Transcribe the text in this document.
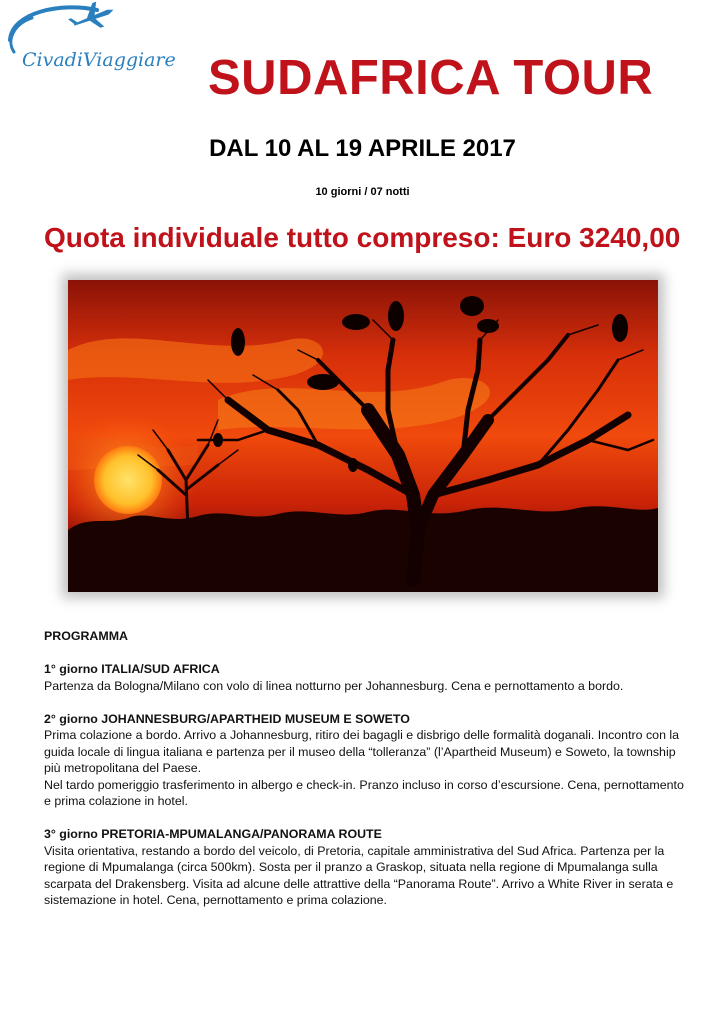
CivadiViaggiare SUDAFRICA TOUR
DAL 10 AL 19 APRILE 2017
10 giorni / 07 notti
Quota individuale tutto compreso: Euro 3240,00
PROGRAMMA
1° giorno ITALIA/SUD AFRICA

Partenza da Bologna/Milano con volo di linea notturno per Johannesburg. Cena e pernottamento a bordo.

2° giorno JOHANNESBURG/APARTHEID MUSEUM E SOWETO

Prima colazione a bordo. Arrivo a Johannesburg, ritiro dei bagagli e disbrigo delle formalità doganali. Incontro con la guida locale di lingua italiana e partenza per il museo della “tolleranza” (l’Apartheid Museum) e Soweto, la township più metropolitana del Paese.

Nel tardo pomeriggio trasferimento in albergo e check-in. Pranzo incluso in corso d’escursione. Cena, pernottamento e prima colazione in hotel.

3° giorno PRETORIA-MPUMALANGA/PANORAMA ROUTE

Visita orientativa, restando a bordo del veicolo, di Pretoria, capitale amministrativa del Sud Africa. Partenza per la regione di Mpumalanga (circa 500km). Sosta per il pranzo a Graskop, situata nella regione di Mpumalanga sulla scarpata del Drakensberg. Visita ad alcune delle attrattive della “Panorama Route”. Arrivo a White River in serata e sistemazione in hotel. Cena, pernottamento e prima colazione.
